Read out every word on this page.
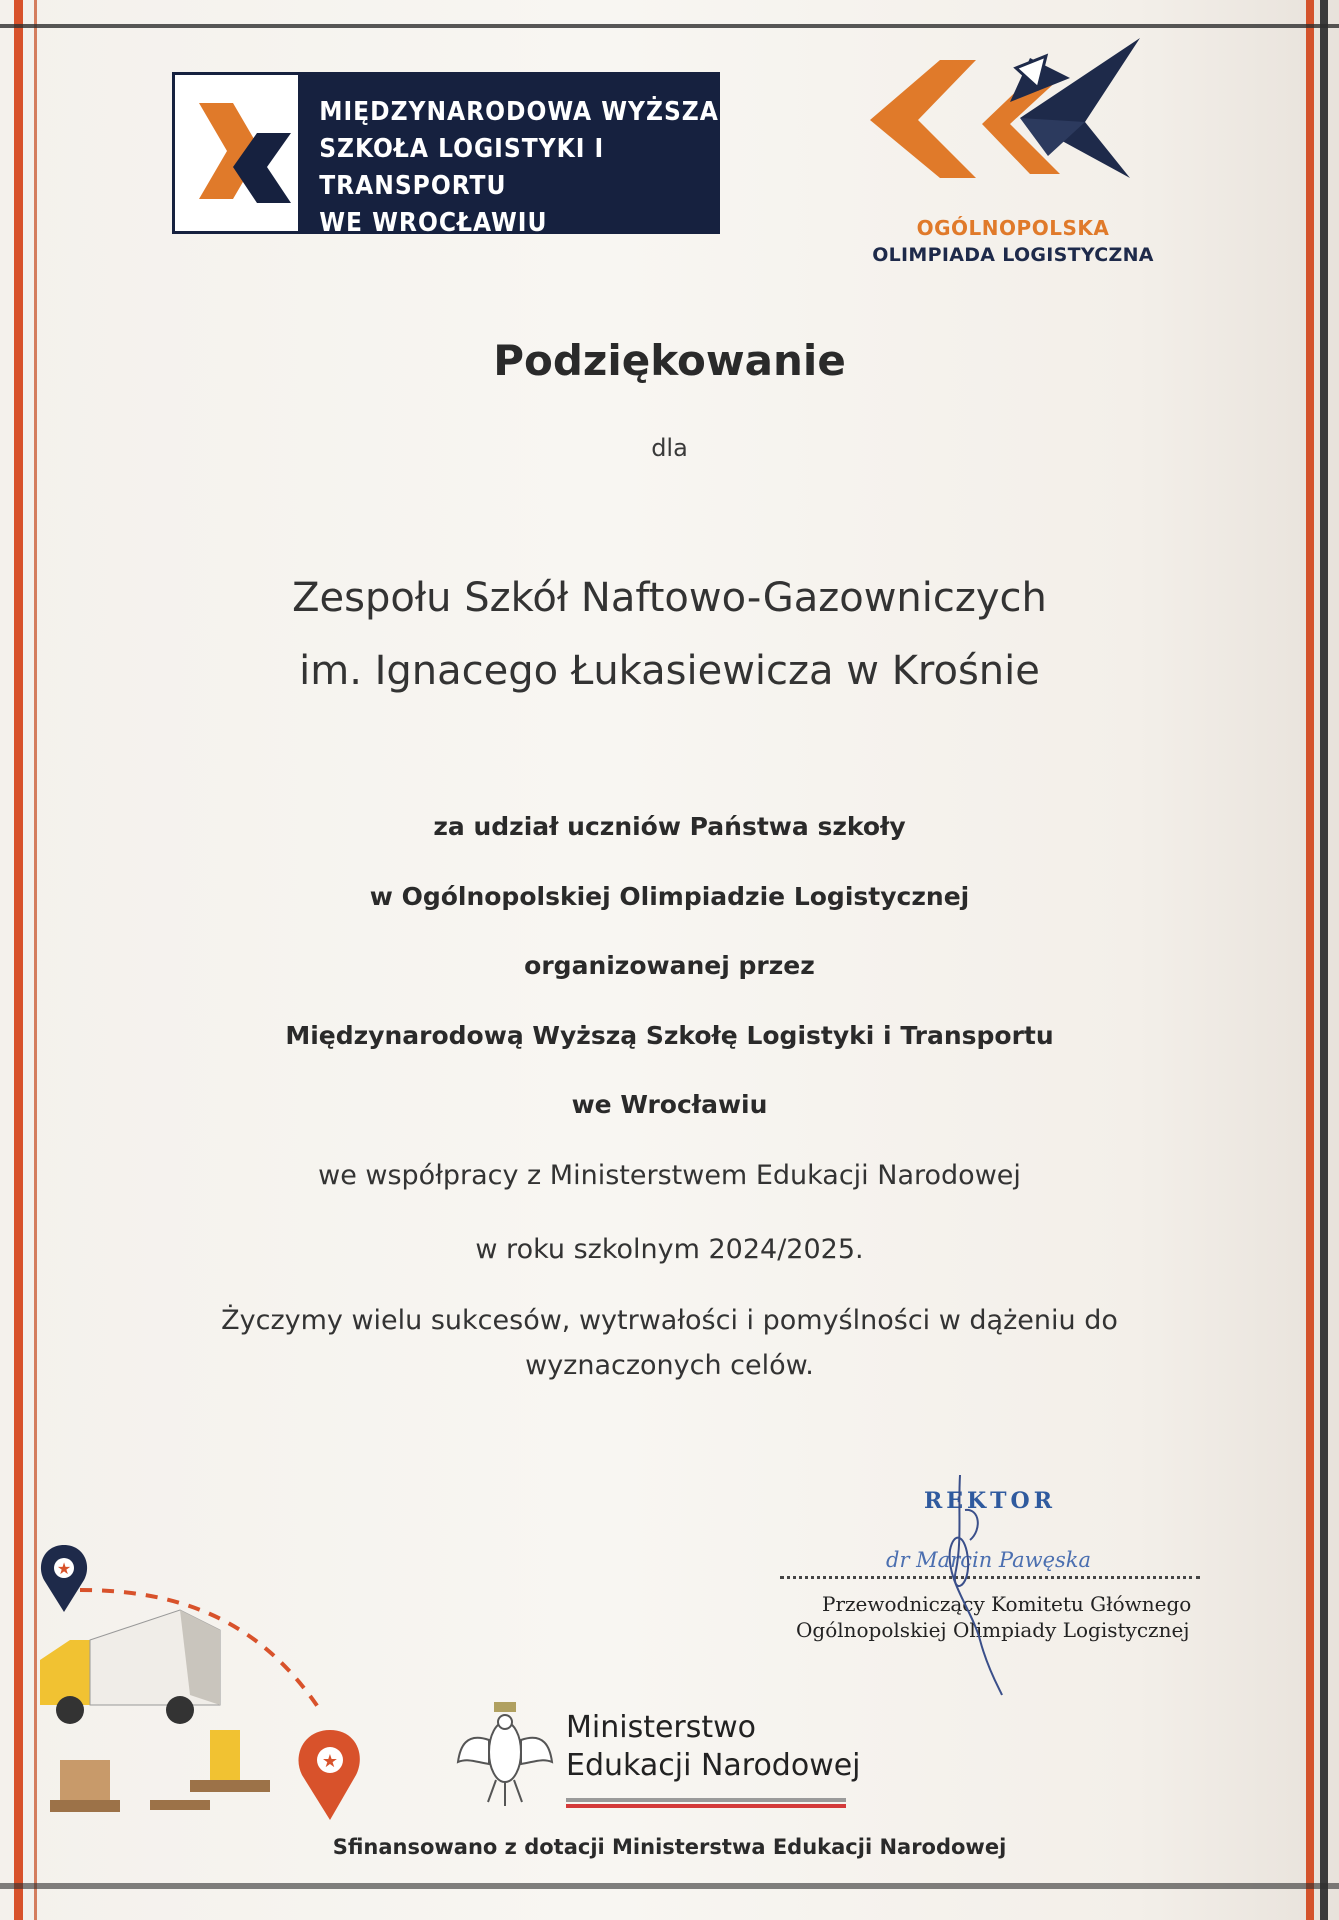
MIĘDZYNARODOWA WYŻSZA
SZKOŁA LOGISTYKI I TRANSPORTU
WE WROCŁAWIU	OGÓLNOPOLSKA
OLIMPIADA LOGISTYCZNA
Podziękowanie
dla
Zespołu Szkół Naftowo-Gazowniczych
im. Ignacego Łukasiewicza w Krośnie
za udział uczniów Państwa szkoły
w Ogólnopolskiej Olimpiadzie Logistycznej
organizowanej przez
Międzynarodową Wyższą Szkołę Logistyki i Transportu
we Wrocławiu
we współpracy z Ministerstwem Edukacji Narodowej
w roku szkolnym 2024/2025.
Życzymy wielu sukcesów, wytrwałości i pomyślności w dążeniu do
wyznaczonych celów.
REKTOR
dr Marcin Pawęska
Przewodniczący Komitetu Głównego
Ogólnopolskiej Olimpiady Logistycznej
Ministerstwo
Edukacji Narodowej
Sfinansowano z dotacji Ministerstwa Edukacji Narodowej
★
★
